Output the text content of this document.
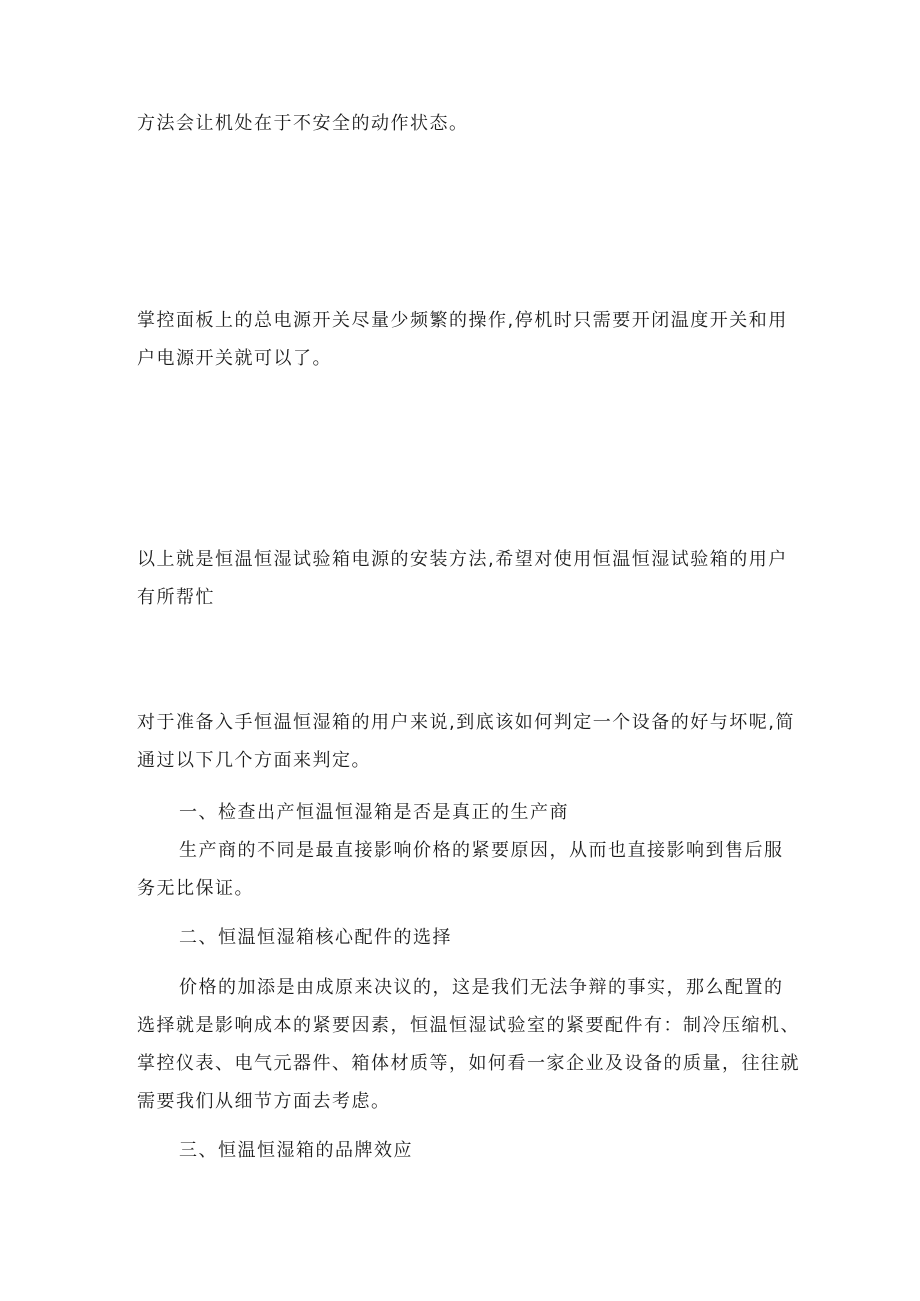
方法会让机处在于不安全的动作状态。

掌控面板上的总电源开关尽量少频繁的操作,停机时只需要开闭温度开关和用户电源开关就可以了。

以上就是恒温恒湿试验箱电源的安装方法,希望对使用恒温恒湿试验箱的用户有所帮忙

对于准备入手恒温恒湿箱的用户来说,到底该如何判定一个设备的好与坏呢,简通过以下几个方面来判定。

一、检查出产恒温恒湿箱是否是真正的生产商

生产商的不同是最直接影响价格的紧要原因，从而也直接影响到售后服务无比保证。

二、恒温恒湿箱核心配件的选择

价格的加添是由成原来决议的，这是我们无法争辩的事实，那么配置的选择就是影响成本的紧要因素，恒温恒湿试验室的紧要配件有：制冷压缩机、掌控仪表、电气元器件、箱体材质等，如何看一家企业及设备的质量，往往就需要我们从细节方面去考虑。

三、恒温恒湿箱的品牌效应
